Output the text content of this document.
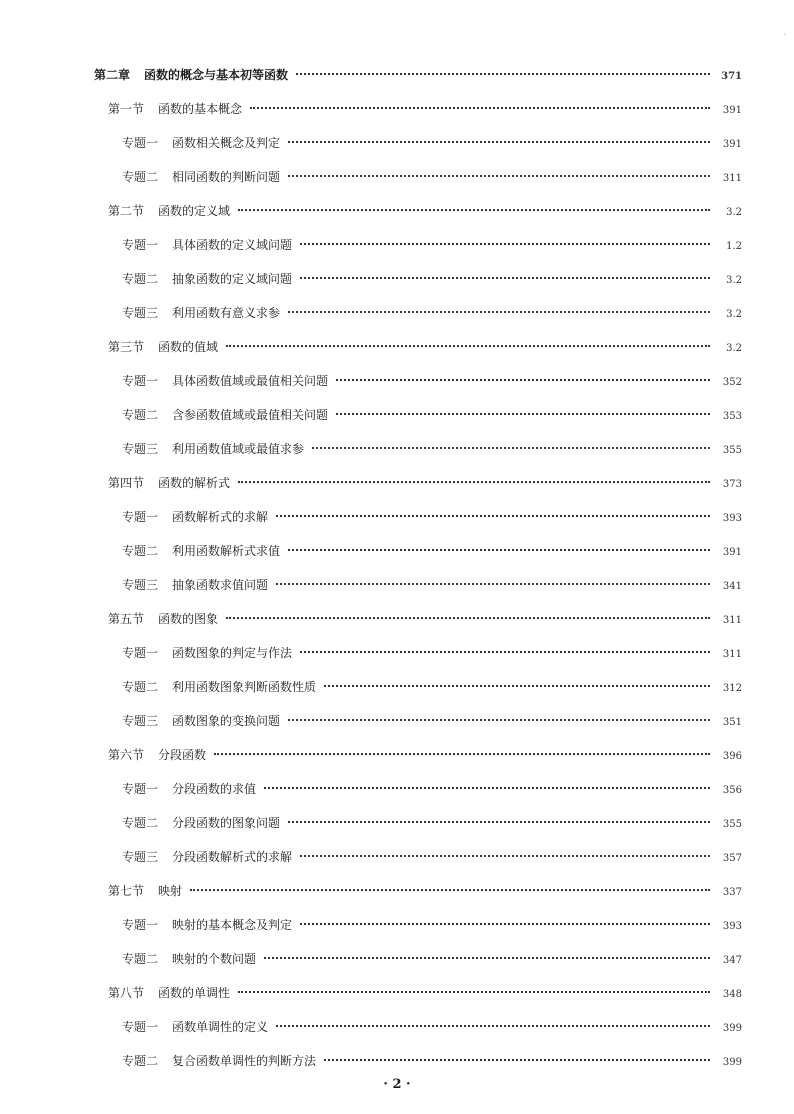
·
第二章 函数的概念与基本初等函数	371
第一节 函数的基本概念	391
专题一 函数相关概念及判定	391
专题二 相同函数的判断问题	311
第二节 函数的定义域	3.2
专题一 具体函数的定义域问题	1.2
专题二 抽象函数的定义域问题	3.2
专题三 利用函数有意义求参	3.2
第三节 函数的值域	3.2
专题一 具体函数值域或最值相关问题	352
专题二 含参函数值域或最值相关问题	353
专题三 利用函数值域或最值求参	355
第四节 函数的解析式	373
专题一 函数解析式的求解	393
专题二 利用函数解析式求值	391
专题三 抽象函数求值问题	341
第五节 函数的图象	311
专题一 函数图象的判定与作法	311
专题二 利用函数图象判断函数性质	312
专题三 函数图象的变换问题	351
第六节 分段函数	396
专题一 分段函数的求值	356
专题二 分段函数的图象问题	355
专题三 分段函数解析式的求解	357
第七节 映射	337
专题一 映射的基本概念及判定	393
专题二 映射的个数问题	347
第八节 函数的单调性	348
专题一 函数单调性的定义	399
专题二 复合函数单调性的判断方法	399
· 2 ·
